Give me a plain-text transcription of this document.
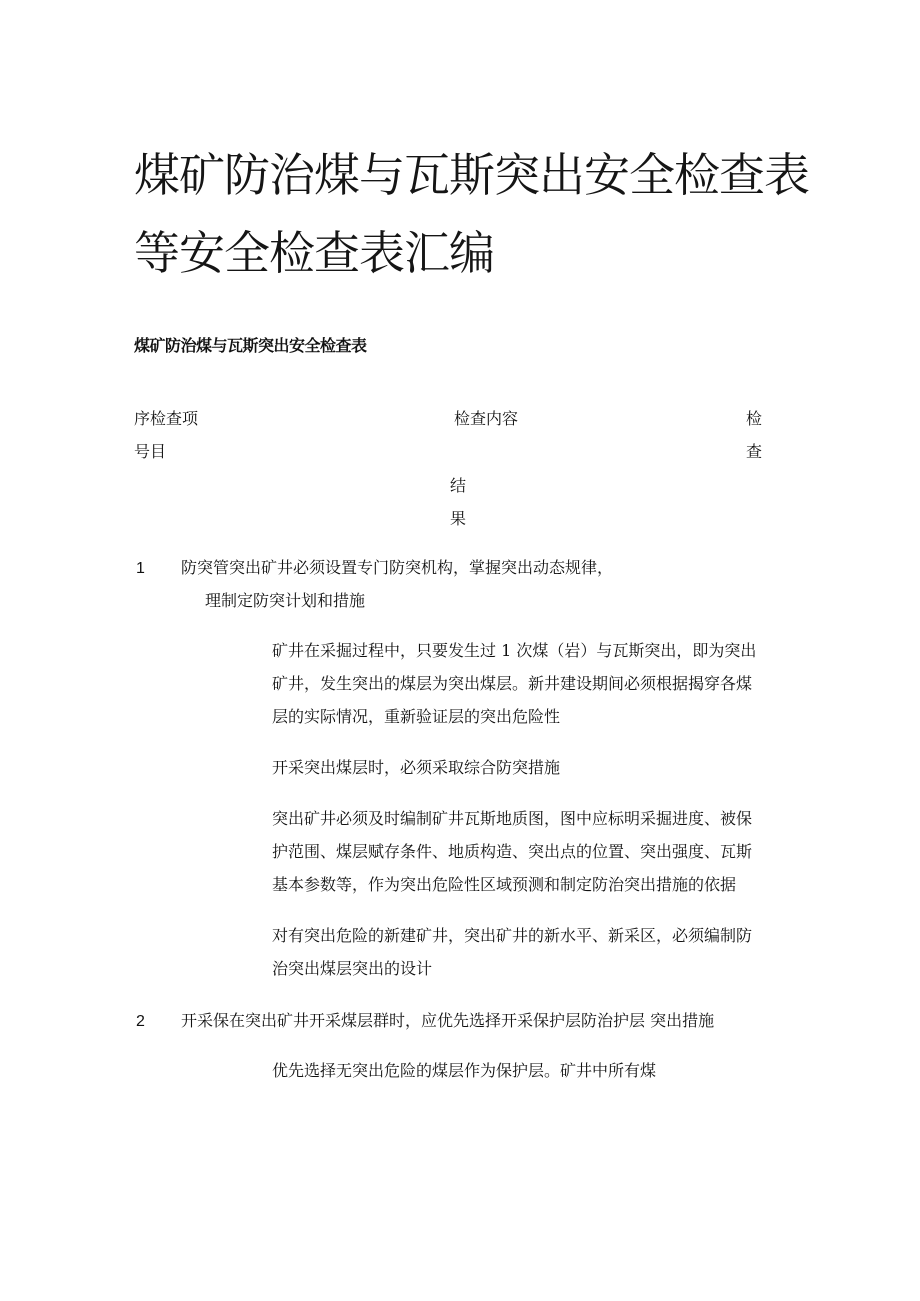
煤矿防治煤与瓦斯突出安全检查表
等安全检查表汇编
煤矿防治煤与瓦斯突出安全检查表
序检查项
号目
检查内容	检
查
结
果
1 防突管突出矿井必须设置专门防突机构，掌握突出动态规律，
理制定防突计划和措施
矿井在采掘过程中，只要发生过 1 次煤（岩）与瓦斯突出，即为突出
矿井，发生突出的煤层为突出煤层。新井建设期间必须根据揭穿各煤
层的实际情况，重新验证层的突出危险性
开采突出煤层时，必须采取综合防突措施
突出矿井必须及时编制矿井瓦斯地质图，图中应标明采掘进度、被保
护范围、煤层赋存条件、地质构造、突出点的位置、突出强度、瓦斯
基本参数等，作为突出危险性区域预测和制定防治突出措施的依据
对有突出危险的新建矿井，突出矿井的新水平、新采区，必须编制防
治突出煤层突出的设计
2 开采保在突出矿井开采煤层群时，应优先选择开采保护层防治护层 突出措施
优先选择无突出危险的煤层作为保护层。矿井中所有煤
